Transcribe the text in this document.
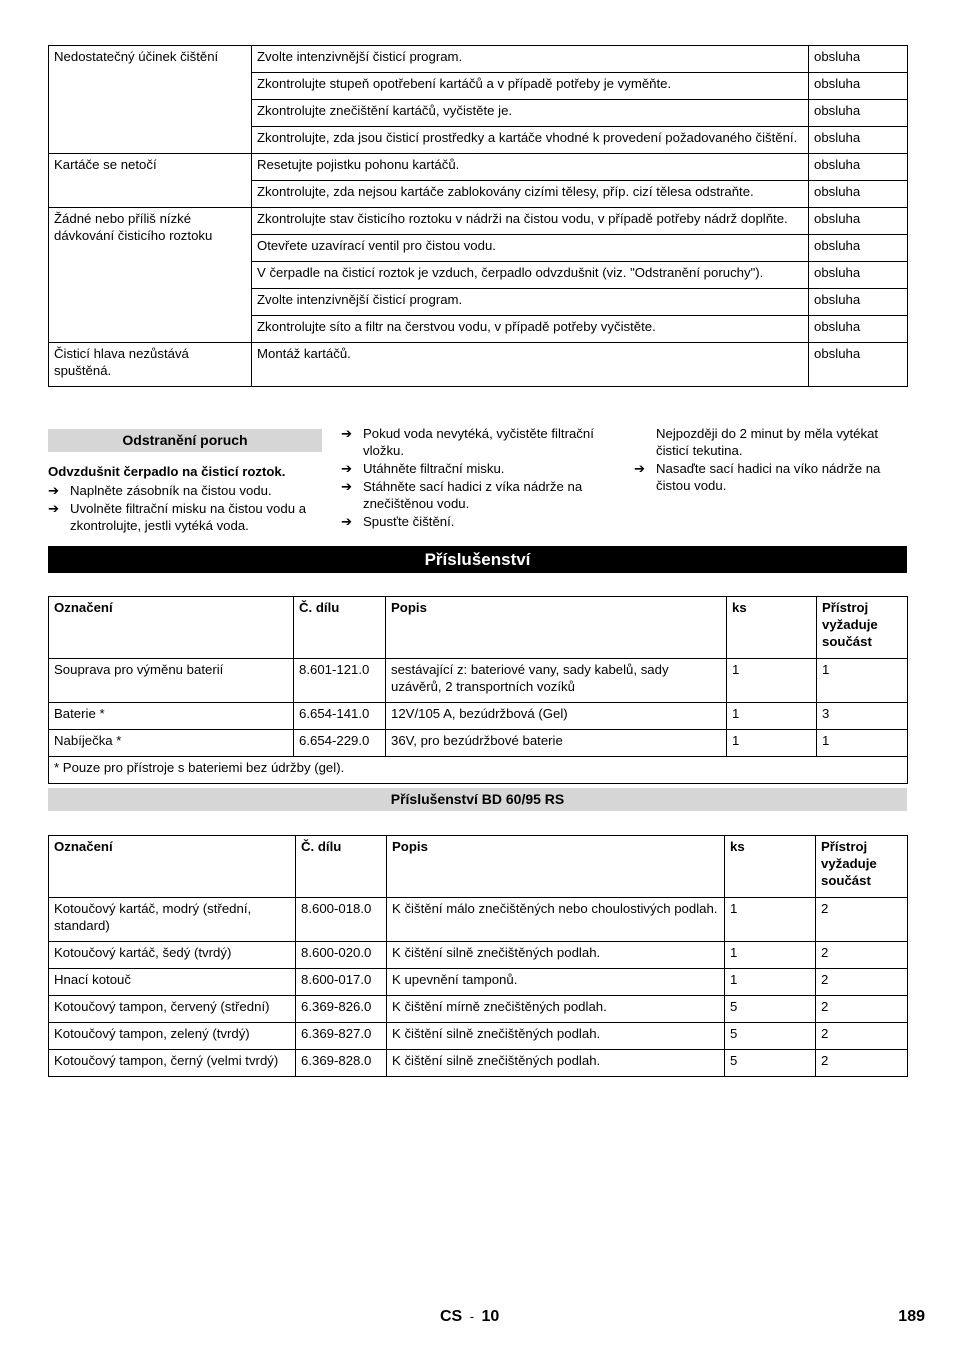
Nedostatečný účinek čištění	Zvolte intenzivnější čisticí program.	obsluha
	Zkontrolujte stupeň opotřebení kartáčů a v případě potřeby je vyměňte.	obsluha
	Zkontrolujte znečištění kartáčů, vyčistěte je.	obsluha
	Zkontrolujte, zda jsou čisticí prostředky a kartáče vhodné k provedení požadovaného čištění.	obsluha
Kartáče se netočí	Resetujte pojistku pohonu kartáčů.	obsluha
	Zkontrolujte, zda nejsou kartáče zablokovány cizími tělesy, příp. cizí tělesa odstraňte.	obsluha
Žádné nebo příliš nízké dávkování čisticího roztoku	Zkontrolujte stav čisticího roztoku v nádrži na čistou vodu, v případě potřeby nádrž doplňte.	obsluha
	Otevřete uzavírací ventil pro čistou vodu.	obsluha
	V čerpadle na čisticí roztok je vzduch, čerpadlo odvzdušnit (viz. "Odstranění poruchy").	obsluha
	Zvolte intenzivnější čisticí program.	obsluha
	Zkontrolujte síto a filtr na čerstvou vodu, v případě potřeby vyčistěte.	obsluha
Čisticí hlava nezůstává spuštěná.	Montáž kartáčů.	obsluha
Odstranění poruch
Odvzdušnit čerpadlo na čisticí roztok.
➔ Naplněte zásobník na čistou vodu.
➔ Uvolněte filtrační misku na čistou vodu a zkontrolujte, jestli vytéká voda.
➔ Pokud voda nevytéká, vyčistěte filtrační vložku.
➔ Utáhněte filtrační misku.
➔ Stáhněte sací hadici z víka nádrže na znečištěnou vodu.
➔ Spusťte čištění.
Nejpozději do 2 minut by měla vytékat čisticí tekutina.
➔ Nasaďte sací hadici na víko nádrže na čistou vodu.
Příslušenství
Označení	Č. dílu	Popis	ks	Přístroj vyžaduje součást
Souprava pro výměnu baterií	8.601-121.0	sestávající z: bateriové vany, sady kabelů, sady uzávěrů, 2 transportních vozíků	1	1
Baterie *	6.654-141.0	12V/105 A, bezúdržbová (Gel)	1	3
Nabíječka *	6.654-229.0	36V, pro bezúdržbové baterie	1	1
* Pouze pro přístroje s bateriemi bez údržby (gel).				
Příslušenství BD 60/95 RS
Označení	Č. dílu	Popis	ks	Přístroj vyžaduje součást
Kotoučový kartáč, modrý (střední, standard)	8.600-018.0	K čištění málo znečištěných nebo choulostivých podlah.	1	2
Kotoučový kartáč, šedý (tvrdý)	8.600-020.0	K čištění silně znečištěných podlah.	1	2
Hnací kotouč	8.600-017.0	K upevnění tamponů.	1	2
Kotoučový tampon, červený (střední)	6.369-826.0	K čištění mírně znečištěných podlah.	5	2
Kotoučový tampon, zelený (tvrdý)	6.369-827.0	K čištění silně znečištěných podlah.	5	2
Kotoučový tampon, černý (velmi tvrdý)	6.369-828.0	K čištění silně znečištěných podlah.	5	2
CS - 10	189
